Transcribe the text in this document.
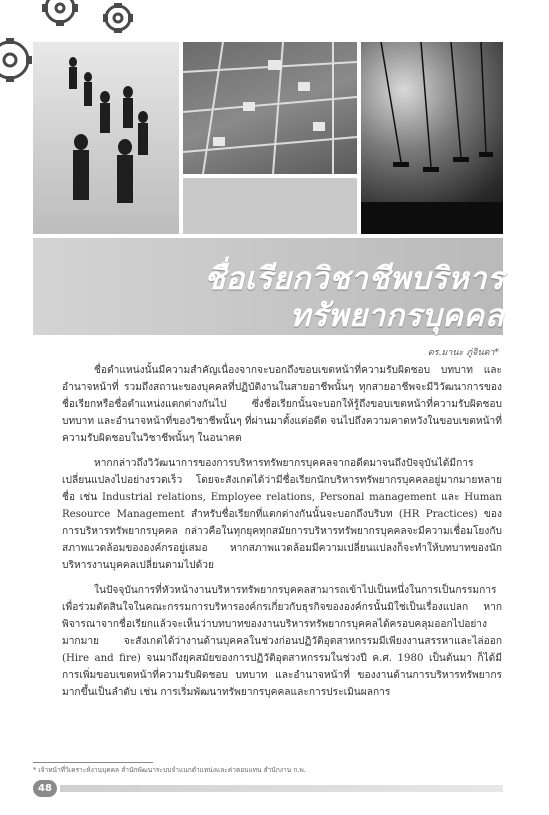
ชื่อเรียกวิชาชีพบริหาร
ทรัพยากรบุคคล
ดร.มานะ ภู่จินดา*

ชื่อตำแหน่งนั้นมีความสำคัญเนื่องจากจะบอกถึงขอบเขตหน้าที่ความรับผิดชอบ บทบาท และอำนาจหน้าที่ รวมถึงสถานะของบุคคลที่ปฏิบัติงานในสายอาชีพนั้นๆ ทุกสายอาชีพจะมีวิวัฒนาการของชื่อเรียกหรือชื่อตำแหน่งแตกต่างกันไป ซึ่งชื่อเรียกนั้นจะบอกให้รู้ถึงขอบเขตหน้าที่ความรับผิดชอบ บทบาท และอำนาจหน้าที่ของวิชาชีพนั้นๆ ที่ผ่านมาตั้งแต่อดีต จนไปถึงความคาดหวังในขอบเขตหน้าที่ความรับผิดชอบในวิชาชีพนั้นๆ ในอนาคต

หากกล่าวถึงวิวัฒนาการของการบริหารทรัพยากรบุคคลจากอดีตมาจนถึงปัจจุบันได้มีการเปลี่ยนแปลงไปอย่างรวดเร็ว โดยจะสังเกตได้ว่ามีชื่อเรียกนักบริหารทรัพยากรบุคคลอยู่มากมายหลายชื่อ เช่น Industrial relations, Employee relations, Personal management และ Human Resource Management สำหรับชื่อเรียกที่แตกต่างกันนั้นจะบอกถึงบริบท (HR Practices) ของการบริหารทรัพยากรบุคคล กล่าวคือในทุกยุคทุกสมัยการบริหารทรัพยากรบุคคลจะมีความเชื่อมโยงกับสภาพแวดล้อมขององค์กรอยู่เสมอ หากสภาพแวดล้อมมีความเปลี่ยนแปลงก็จะทำให้บทบาทของนักบริหารงานบุคคลเปลี่ยนตามไปด้วย

ในปัจจุบันการที่หัวหน้างานบริหารทรัพยากรบุคคลสามารถเข้าไปเป็นหนึ่งในการเป็นกรรมการเพื่อร่วมตัดสินใจในคณะกรรมการบริหารองค์กรเกี่ยวกับธุรกิจขององค์กรนั้นมิใช่เป็นเรื่องแปลก หากพิจารณาจากชื่อเรียกแล้วจะเห็นว่าบทบาทของงานบริหารทรัพยากรบุคคลได้ครอบคลุมออกไปอย่างมากมาย จะสังเกตได้ว่างานด้านบุคคลในช่วงก่อนปฏิวัติอุตสาหกรรมมีเพียงงานสรรหาและไล่ออก (Hire and fire) จนมาถึงยุคสมัยของการปฏิวัติอุตสาหกรรมในช่วงปี ค.ศ. 1980 เป็นต้นมา ก็ได้มีการเพิ่มขอบเขตหน้าที่ความรับผิดชอบ บทบาท และอำนาจหน้าที่ ของงานด้านการบริหารทรัพยากรมากขึ้นเป็นลำดับ เช่น การเริ่มพัฒนาทรัพยากรบุคคลและการประเมินผลการ

* เจ้าหน้าที่วิเคราะห์งานบุคคล สำนักพัฒนาระบบจำแนกตำแหน่งและค่าตอบแทน สำนักงาน ก.พ.
48
